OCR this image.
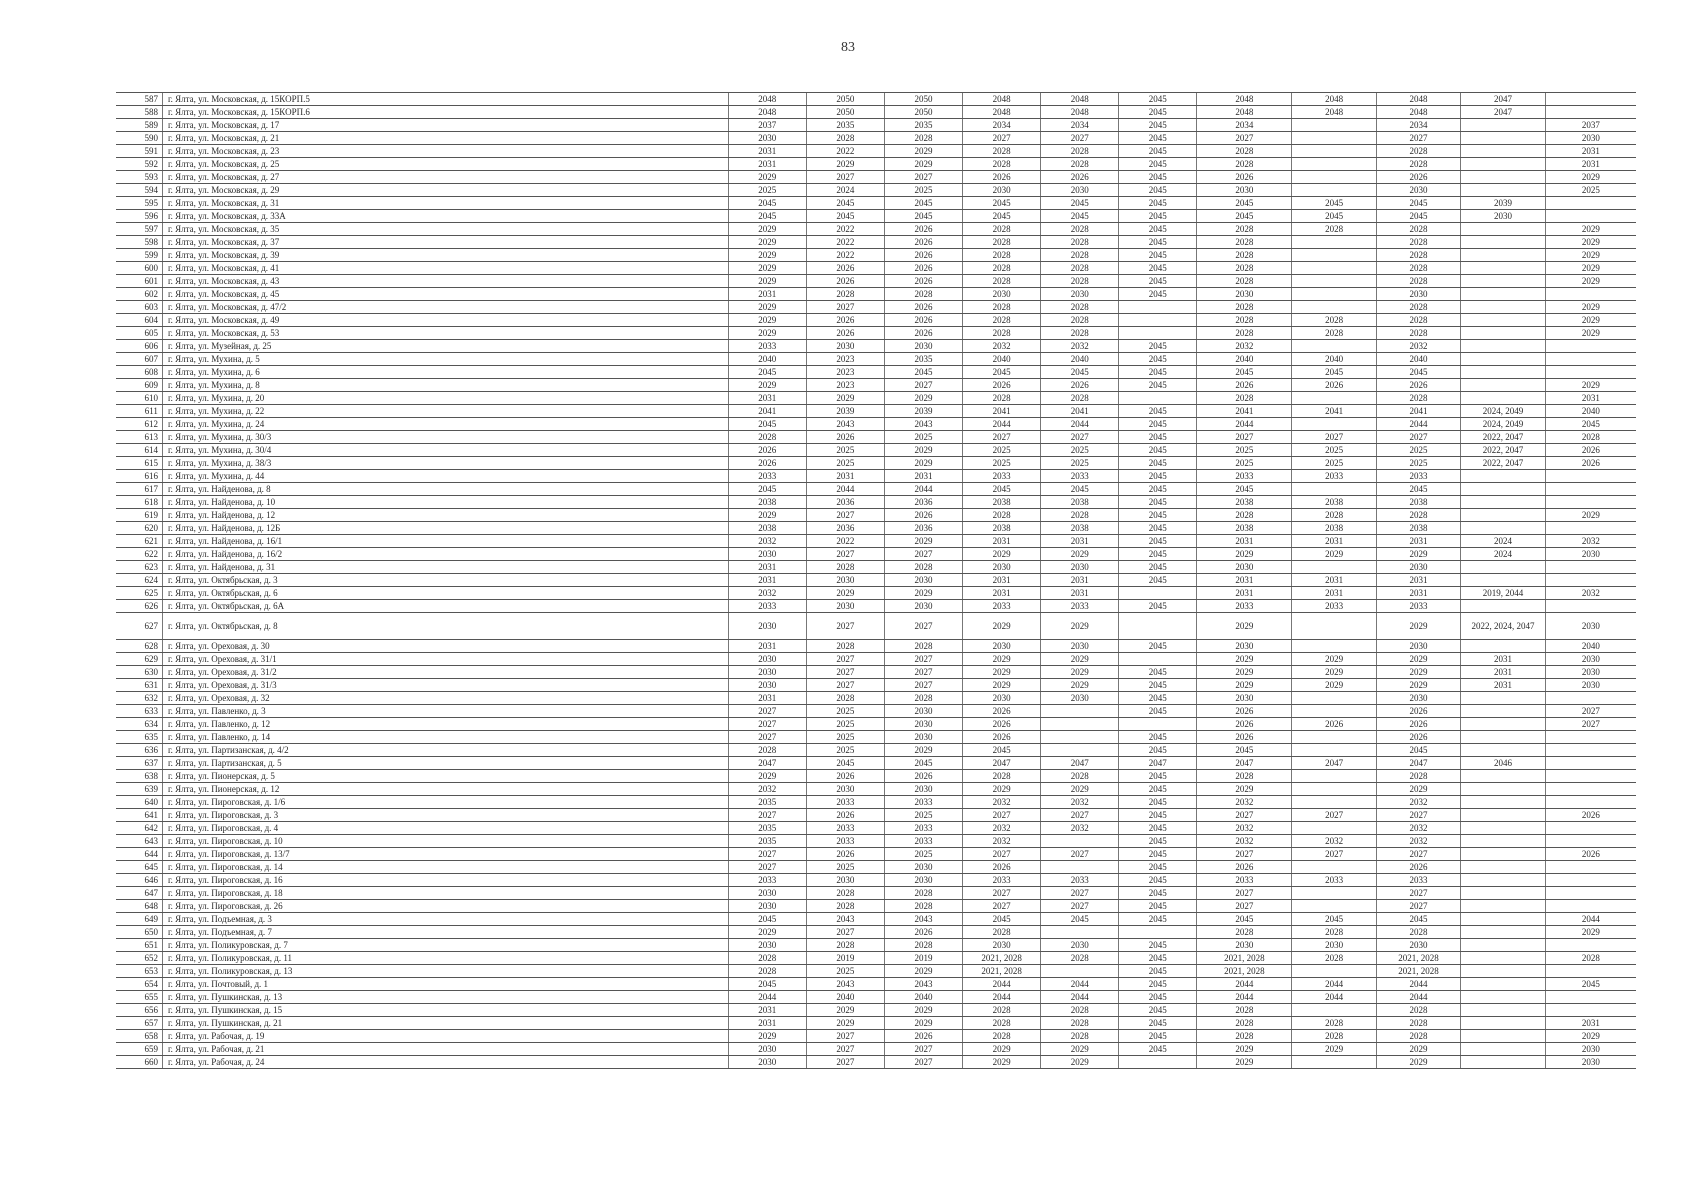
83
587	г. Ялта, ул. Московская, д. 15КОРП.5	2048	2050	2050	2048	2048	2045	2048	2048	2048	2047	
588	г. Ялта, ул. Московская, д. 15КОРП.6	2048	2050	2050	2048	2048	2045	2048	2048	2048	2047	
589	г. Ялта, ул. Московская, д. 17	2037	2035	2035	2034	2034	2045	2034		2034		2037
590	г. Ялта, ул. Московская, д. 21	2030	2028	2028	2027	2027	2045	2027		2027		2030
591	г. Ялта, ул. Московская, д. 23	2031	2022	2029	2028	2028	2045	2028		2028		2031
592	г. Ялта, ул. Московская, д. 25	2031	2029	2029	2028	2028	2045	2028		2028		2031
593	г. Ялта, ул. Московская, д. 27	2029	2027	2027	2026	2026	2045	2026		2026		2029
594	г. Ялта, ул. Московская, д. 29	2025	2024	2025	2030	2030	2045	2030		2030		2025
595	г. Ялта, ул. Московская, д. 31	2045	2045	2045	2045	2045	2045	2045	2045	2045	2039	
596	г. Ялта, ул. Московская, д. 33А	2045	2045	2045	2045	2045	2045	2045	2045	2045	2030	
597	г. Ялта, ул. Московская, д. 35	2029	2022	2026	2028	2028	2045	2028	2028	2028		2029
598	г. Ялта, ул. Московская, д. 37	2029	2022	2026	2028	2028	2045	2028		2028		2029
599	г. Ялта, ул. Московская, д. 39	2029	2022	2026	2028	2028	2045	2028		2028		2029
600	г. Ялта, ул. Московская, д. 41	2029	2026	2026	2028	2028	2045	2028		2028		2029
601	г. Ялта, ул. Московская, д. 43	2029	2026	2026	2028	2028	2045	2028		2028		2029
602	г. Ялта, ул. Московская, д. 45	2031	2028	2028	2030	2030	2045	2030		2030		
603	г. Ялта, ул. Московская, д. 47/2	2029	2027	2026	2028	2028		2028		2028		2029
604	г. Ялта, ул. Московская, д. 49	2029	2026	2026	2028	2028		2028	2028	2028		2029
605	г. Ялта, ул. Московская, д. 53	2029	2026	2026	2028	2028		2028	2028	2028		2029
606	г. Ялта, ул. Музейная, д. 25	2033	2030	2030	2032	2032	2045	2032		2032		
607	г. Ялта, ул. Мухина, д. 5	2040	2023	2035	2040	2040	2045	2040	2040	2040		
608	г. Ялта, ул. Мухина, д. 6	2045	2023	2045	2045	2045	2045	2045	2045	2045		
609	г. Ялта, ул. Мухина, д. 8	2029	2023	2027	2026	2026	2045	2026	2026	2026		2029
610	г. Ялта, ул. Мухина, д. 20	2031	2029	2029	2028	2028		2028		2028		2031
611	г. Ялта, ул. Мухина, д. 22	2041	2039	2039	2041	2041	2045	2041	2041	2041	2024, 2049	2040
612	г. Ялта, ул. Мухина, д. 24	2045	2043	2043	2044	2044	2045	2044		2044	2024, 2049	2045
613	г. Ялта, ул. Мухина, д. 30/3	2028	2026	2025	2027	2027	2045	2027	2027	2027	2022, 2047	2028
614	г. Ялта, ул. Мухина, д. 30/4	2026	2025	2029	2025	2025	2045	2025	2025	2025	2022, 2047	2026
615	г. Ялта, ул. Мухина, д. 38/3	2026	2025	2029	2025	2025	2045	2025	2025	2025	2022, 2047	2026
616	г. Ялта, ул. Мухина, д. 44	2033	2031	2031	2033	2033	2045	2033	2033	2033		
617	г. Ялта, ул. Найденова, д. 8	2045	2044	2044	2045	2045	2045	2045		2045		
618	г. Ялта, ул. Найденова, д. 10	2038	2036	2036	2038	2038	2045	2038	2038	2038		
619	г. Ялта, ул. Найденова, д. 12	2029	2027	2026	2028	2028	2045	2028	2028	2028		2029
620	г. Ялта, ул. Найденова, д. 12Б	2038	2036	2036	2038	2038	2045	2038	2038	2038		
621	г. Ялта, ул. Найденова, д. 16/1	2032	2022	2029	2031	2031	2045	2031	2031	2031	2024	2032
622	г. Ялта, ул. Найденова, д. 16/2	2030	2027	2027	2029	2029	2045	2029	2029	2029	2024	2030
623	г. Ялта, ул. Найденова, д. 31	2031	2028	2028	2030	2030	2045	2030		2030		
624	г. Ялта, ул. Октябрьская, д. 3	2031	2030	2030	2031	2031	2045	2031	2031	2031		
625	г. Ялта, ул. Октябрьская, д. 6	2032	2029	2029	2031	2031		2031	2031	2031	2019, 2044	2032
626	г. Ялта, ул. Октябрьская, д. 6А	2033	2030	2030	2033	2033	2045	2033	2033	2033		
627	г. Ялта, ул. Октябрьская, д. 8	2030	2027	2027	2029	2029		2029		2029	2022, 2024, 2047	2030
628	г. Ялта, ул. Ореховая, д. 30	2031	2028	2028	2030	2030	2045	2030		2030		2040
629	г. Ялта, ул. Ореховая, д. 31/1	2030	2027	2027	2029	2029		2029	2029	2029	2031	2030
630	г. Ялта, ул. Ореховая, д. 31/2	2030	2027	2027	2029	2029	2045	2029	2029	2029	2031	2030
631	г. Ялта, ул. Ореховая, д. 31/3	2030	2027	2027	2029	2029	2045	2029	2029	2029	2031	2030
632	г. Ялта, ул. Ореховая, д. 32	2031	2028	2028	2030	2030	2045	2030		2030		
633	г. Ялта, ул. Павленко, д. 3	2027	2025	2030	2026		2045	2026		2026		2027
634	г. Ялта, ул. Павленко, д. 12	2027	2025	2030	2026			2026	2026	2026		2027
635	г. Ялта, ул. Павленко, д. 14	2027	2025	2030	2026		2045	2026		2026		
636	г. Ялта, ул. Партизанская, д. 4/2	2028	2025	2029	2045		2045	2045		2045		
637	г. Ялта, ул. Партизанская, д. 5	2047	2045	2045	2047	2047	2047	2047	2047	2047	2046	
638	г. Ялта, ул. Пионерская, д. 5	2029	2026	2026	2028	2028	2045	2028		2028		
639	г. Ялта, ул. Пионерская, д. 12	2032	2030	2030	2029	2029	2045	2029		2029		
640	г. Ялта, ул. Пироговская, д. 1/6	2035	2033	2033	2032	2032	2045	2032		2032		
641	г. Ялта, ул. Пироговская, д. 3	2027	2026	2025	2027	2027	2045	2027	2027	2027		2026
642	г. Ялта, ул. Пироговская, д. 4	2035	2033	2033	2032	2032	2045	2032		2032		
643	г. Ялта, ул. Пироговская, д. 10	2035	2033	2033	2032		2045	2032	2032	2032		
644	г. Ялта, ул. Пироговская, д. 13/7	2027	2026	2025	2027	2027	2045	2027	2027	2027		2026
645	г. Ялта, ул. Пироговская, д. 14	2027	2025	2030	2026		2045	2026		2026		
646	г. Ялта, ул. Пироговская, д. 16	2033	2030	2030	2033	2033	2045	2033	2033	2033		
647	г. Ялта, ул. Пироговская, д. 18	2030	2028	2028	2027	2027	2045	2027		2027		
648	г. Ялта, ул. Пироговская, д. 26	2030	2028	2028	2027	2027	2045	2027		2027		
649	г. Ялта, ул. Подъемная, д. 3	2045	2043	2043	2045	2045	2045	2045	2045	2045		2044
650	г. Ялта, ул. Подъемная, д. 7	2029	2027	2026	2028			2028	2028	2028		2029
651	г. Ялта, ул. Поликуровская, д. 7	2030	2028	2028	2030	2030	2045	2030	2030	2030		
652	г. Ялта, ул. Поликуровская, д. 11	2028	2019	2019	2021, 2028	2028	2045	2021, 2028	2028	2021, 2028		2028
653	г. Ялта, ул. Поликуровская, д. 13	2028	2025	2029	2021, 2028		2045	2021, 2028		2021, 2028		
654	г. Ялта, ул. Почтовый, д. 1	2045	2043	2043	2044	2044	2045	2044	2044	2044		2045
655	г. Ялта, ул. Пушкинская, д. 13	2044	2040	2040	2044	2044	2045	2044	2044	2044		
656	г. Ялта, ул. Пушкинская, д. 15	2031	2029	2029	2028	2028	2045	2028		2028		
657	г. Ялта, ул. Пушкинская, д. 21	2031	2029	2029	2028	2028	2045	2028	2028	2028		2031
658	г. Ялта, ул. Рабочая, д. 19	2029	2027	2026	2028	2028	2045	2028	2028	2028		2029
659	г. Ялта, ул. Рабочая, д. 21	2030	2027	2027	2029	2029	2045	2029	2029	2029		2030
660	г. Ялта, ул. Рабочая, д. 24	2030	2027	2027	2029	2029		2029		2029		2030
